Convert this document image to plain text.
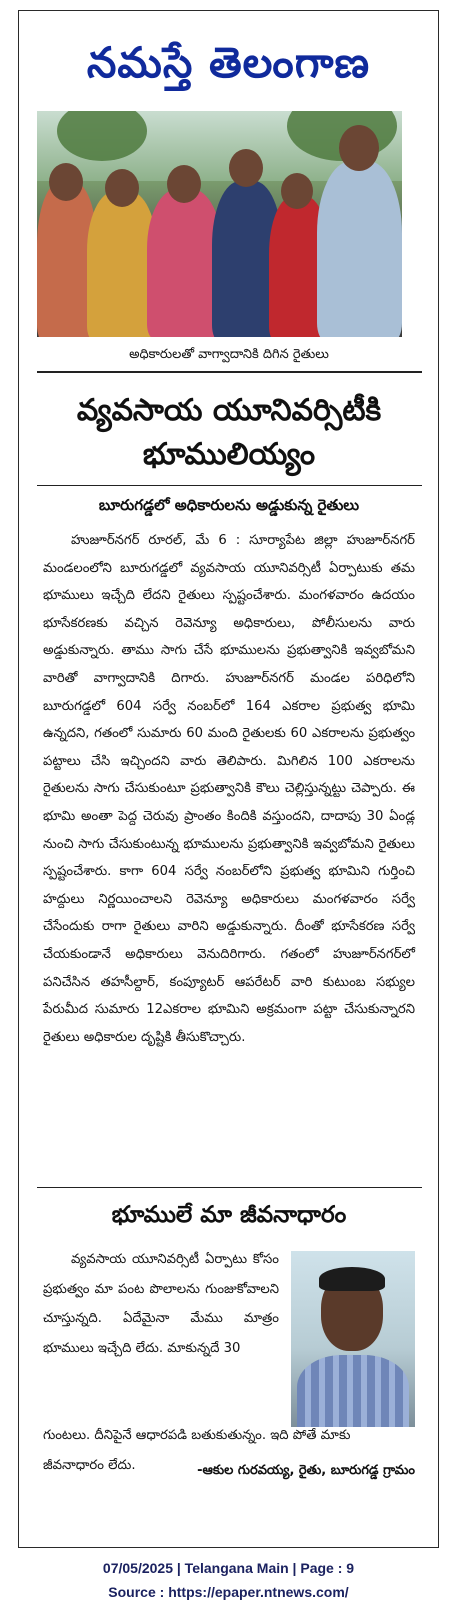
నమస్తే తెలంగాణ
అధికారులతో వాగ్వాదానికి దిగిన రైతులు
వ్యవసాయ యూనివర్సిటీకి
భూములియ్యం
బూరుగడ్డలో అధికారులను అడ్డుకున్న రైతులు
హుజూర్‌నగర్ రూరల్, మే 6 : సూర్యాపేట జిల్లా హుజూర్‌నగర్ మండలంలోని బూరుగడ్డలో వ్యవసాయ యూనివర్సిటీ ఏర్పాటుకు తమ భూములు ఇచ్చేది లేదని రైతులు స్పష్టంచేశారు. మంగళవారం ఉదయం భూసేకరణకు వచ్చిన రెవెన్యూ అధికారులు, పోలీసులను వారు అడ్డుకున్నారు. తాము సాగు చేసే భూములను ప్రభుత్వానికి ఇవ్వబోమని వారితో వాగ్వాదానికి దిగారు. హుజూర్‌నగర్ మండల పరిధిలోని బూరుగడ్డలో 604 సర్వే నంబర్‌లో 164 ఎకరాల ప్రభుత్వ భూమి ఉన్నదని, గతంలో సుమారు 60 మంది రైతులకు 60 ఎకరాలను ప్రభుత్వం పట్టాలు చేసి ఇచ్చిందని వారు తెలిపారు. మిగిలిన 100 ఎకరాలను రైతులను సాగు చేసుకుంటూ ప్రభుత్వానికి కౌలు చెల్లిస్తున్నట్టు చెప్పారు. ఈ భూమి అంతా పెద్ద చెరువు ప్రాంతం కిందికి వస్తుందని, దాదాపు 30 ఏండ్ల నుంచి సాగు చేసుకుంటున్న భూములను ప్రభుత్వానికి ఇవ్వబోమని రైతులు స్పష్టంచేశారు. కాగా 604 సర్వే నంబర్‌లోని ప్రభుత్వ భూమిని గుర్తించి హద్దులు నిర్ణయించాలని రెవెన్యూ అధికారులు మంగళవారం సర్వే చేసేందుకు రాగా రైతులు వారిని అడ్డుకున్నారు. దీంతో భూసేకరణ సర్వే చేయకుండానే అధికారులు వెనుదిరిగారు. గతంలో హుజూర్‌నగర్‌లో పనిచేసిన తహసీల్దార్, కంప్యూటర్ ఆపరేటర్ వారి కుటుంబ సభ్యుల పేరుమీద సుమారు 12ఎకరాల భూమిని అక్రమంగా పట్టా చేసుకున్నారని రైతులు అధికారుల దృష్టికి తీసుకొచ్చారు.
భూములే మా జీవనాధారం
వ్యవసాయ యూనివర్సిటీ ఏర్పాటు కోసం ప్రభుత్వం మా పంట పొలాలను గుంజుకోవాలని చూస్తున్నది. ఏదేమైనా మేము మాత్రం భూములు ఇచ్చేది లేదు. మాకున్నదే 30
గుంటలు. దీనిపైనే ఆధారపడి బతుకుతున్నం. ఇది పోతే మాకు జీవనాధారం లేదు.	-ఆకుల గురవయ్య, రైతు, బూరుగడ్డ గ్రామం
07/05/2025 | Telangana Main | Page : 9
Source : https://epaper.ntnews.com/
